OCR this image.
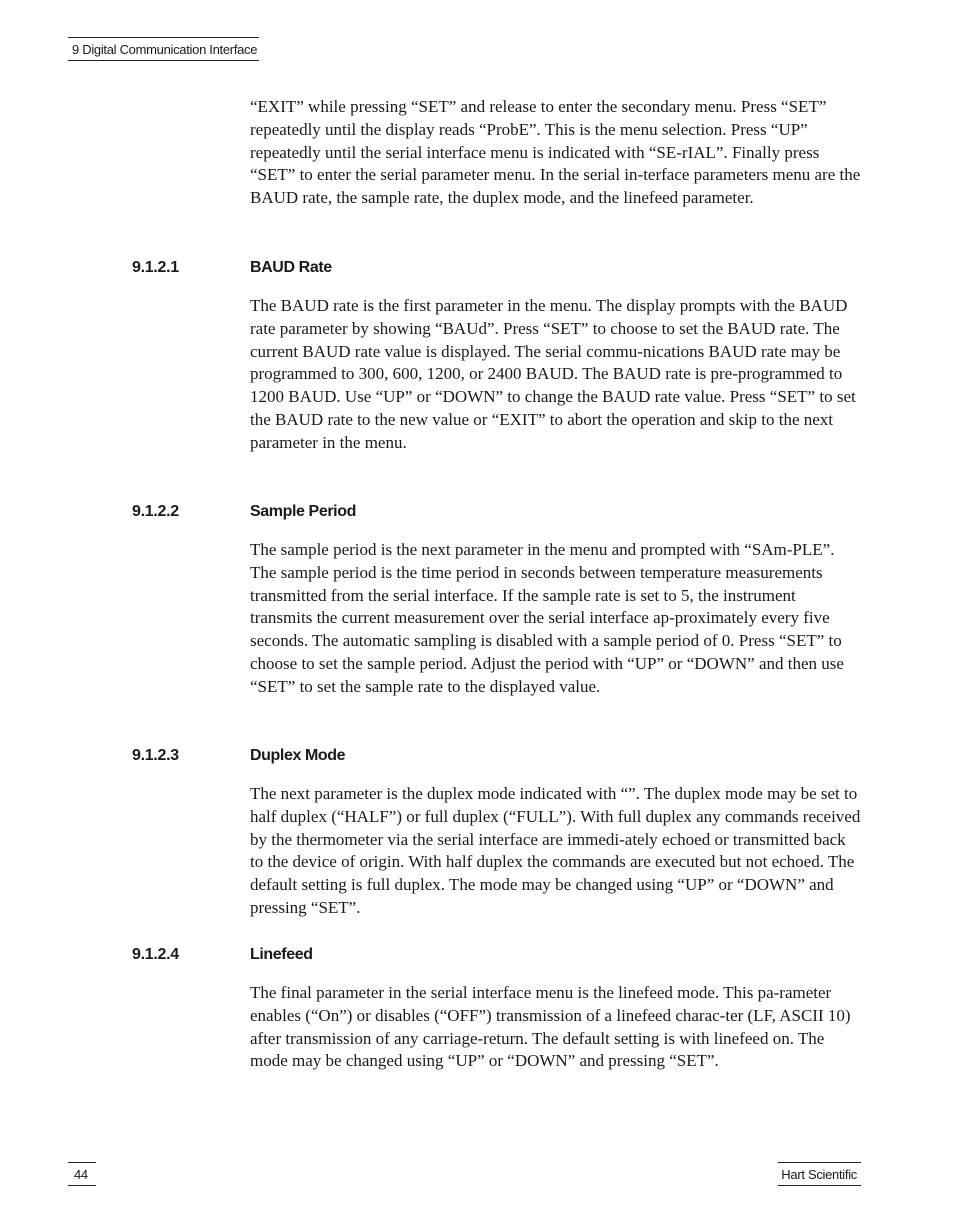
9 Digital Communication Interface

“EXIT” while pressing “SET” and release to enter the secondary menu. Press “SET” repeatedly until the display reads “ProbE”. This is the menu selection. Press “UP” repeatedly until the serial interface menu is indicated with “SE-rIAL”. Finally press “SET” to enter the serial parameter menu. In the serial in-terface parameters menu are the BAUD rate, the sample rate, the duplex mode, and the linefeed parameter.

9.1.2.1	BAUD Rate

The BAUD rate is the first parameter in the menu. The display prompts with the BAUD rate parameter by showing “BAUd”. Press “SET” to choose to set the BAUD rate. The current BAUD rate value is displayed. The serial commu-nications BAUD rate may be programmed to 300, 600, 1200, or 2400 BAUD. The BAUD rate is pre-programmed to 1200 BAUD. Use “UP” or “DOWN” to change the BAUD rate value. Press “SET” to set the BAUD rate to the new value or “EXIT” to abort the operation and skip to the next parameter in the menu.

9.1.2.2	Sample Period

The sample period is the next parameter in the menu and prompted with “SAm-PLE”. The sample period is the time period in seconds between temperature measurements transmitted from the serial interface. If the sample rate is set to 5, the instrument transmits the current measurement over the serial interface ap-proximately every five seconds. The automatic sampling is disabled with a sample period of 0. Press “SET” to choose to set the sample period. Adjust the period with “UP” or “DOWN” and then use “SET” to set the sample rate to the displayed value.

9.1.2.3	Duplex Mode

The next parameter is the duplex mode indicated with “”. The duplex mode may be set to half duplex (“HALF”) or full duplex (“FULL”). With full duplex any commands received by the thermometer via the serial interface are immedi-ately echoed or transmitted back to the device of origin. With half duplex the commands are executed but not echoed. The default setting is full duplex. The mode may be changed using “UP” or “DOWN” and pressing “SET”.

9.1.2.4	Linefeed

The final parameter in the serial interface menu is the linefeed mode. This pa-rameter enables (“On”) or disables (“OFF”) transmission of a linefeed charac-ter (LF, ASCII 10) after transmission of any carriage-return. The default setting is with linefeed on. The mode may be changed using “UP” or “DOWN” and pressing “SET”.

44	Hart Scientific
